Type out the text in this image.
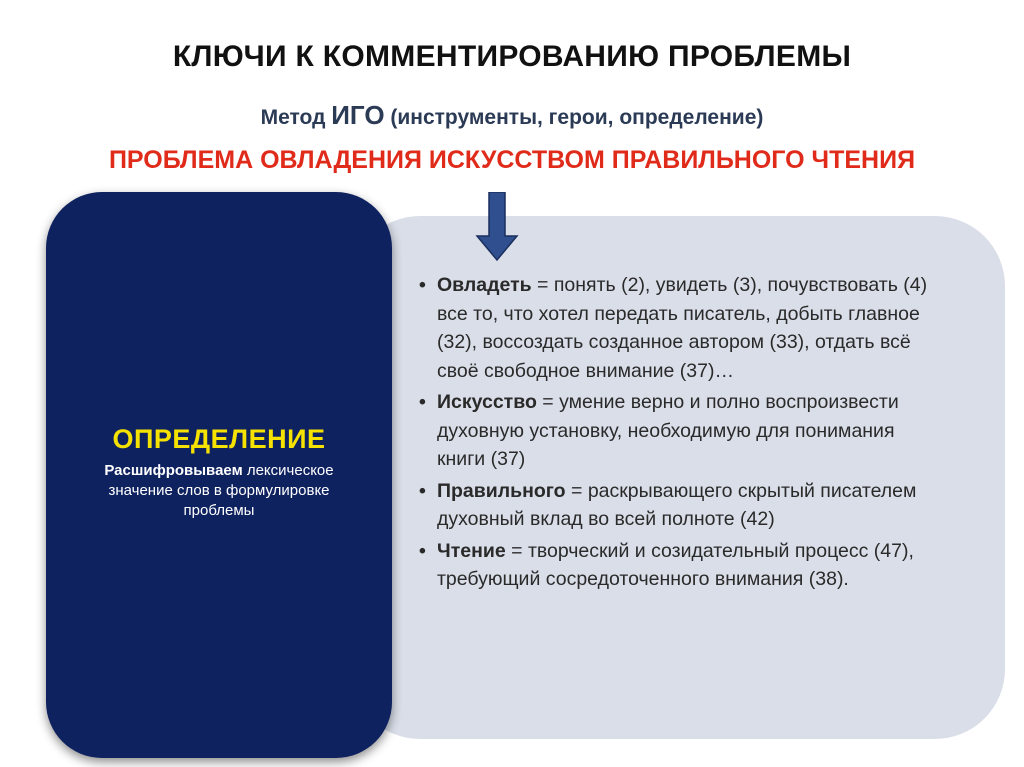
КЛЮЧИ К КОММЕНТИРОВАНИЮ ПРОБЛЕМЫ
Метод ИГО (инструменты, герои, определение)
ПРОБЛЕМА ОВЛАДЕНИЯ ИСКУССТВОМ ПРАВИЛЬНОГО ЧТЕНИЯ
ОПРЕДЕЛЕНИЕ
Расшифровываем лексическое значение слов в формулировке проблемы
• Овладеть = понять (2), увидеть (3), почувствовать (4) все то, что хотел передать писатель, добыть главное (32), воссоздать созданное автором (33), отдать всё своё свободное внимание (37)…
• Искусство = умение верно и полно воспроизвести духовную установку, необходимую для понимания книги (37)
• Правильного = раскрывающего скрытый писателем духовный вклад во всей полноте (42)
• Чтение = творческий и созидательный процесс (47), требующий сосредоточенного внимания (38).
